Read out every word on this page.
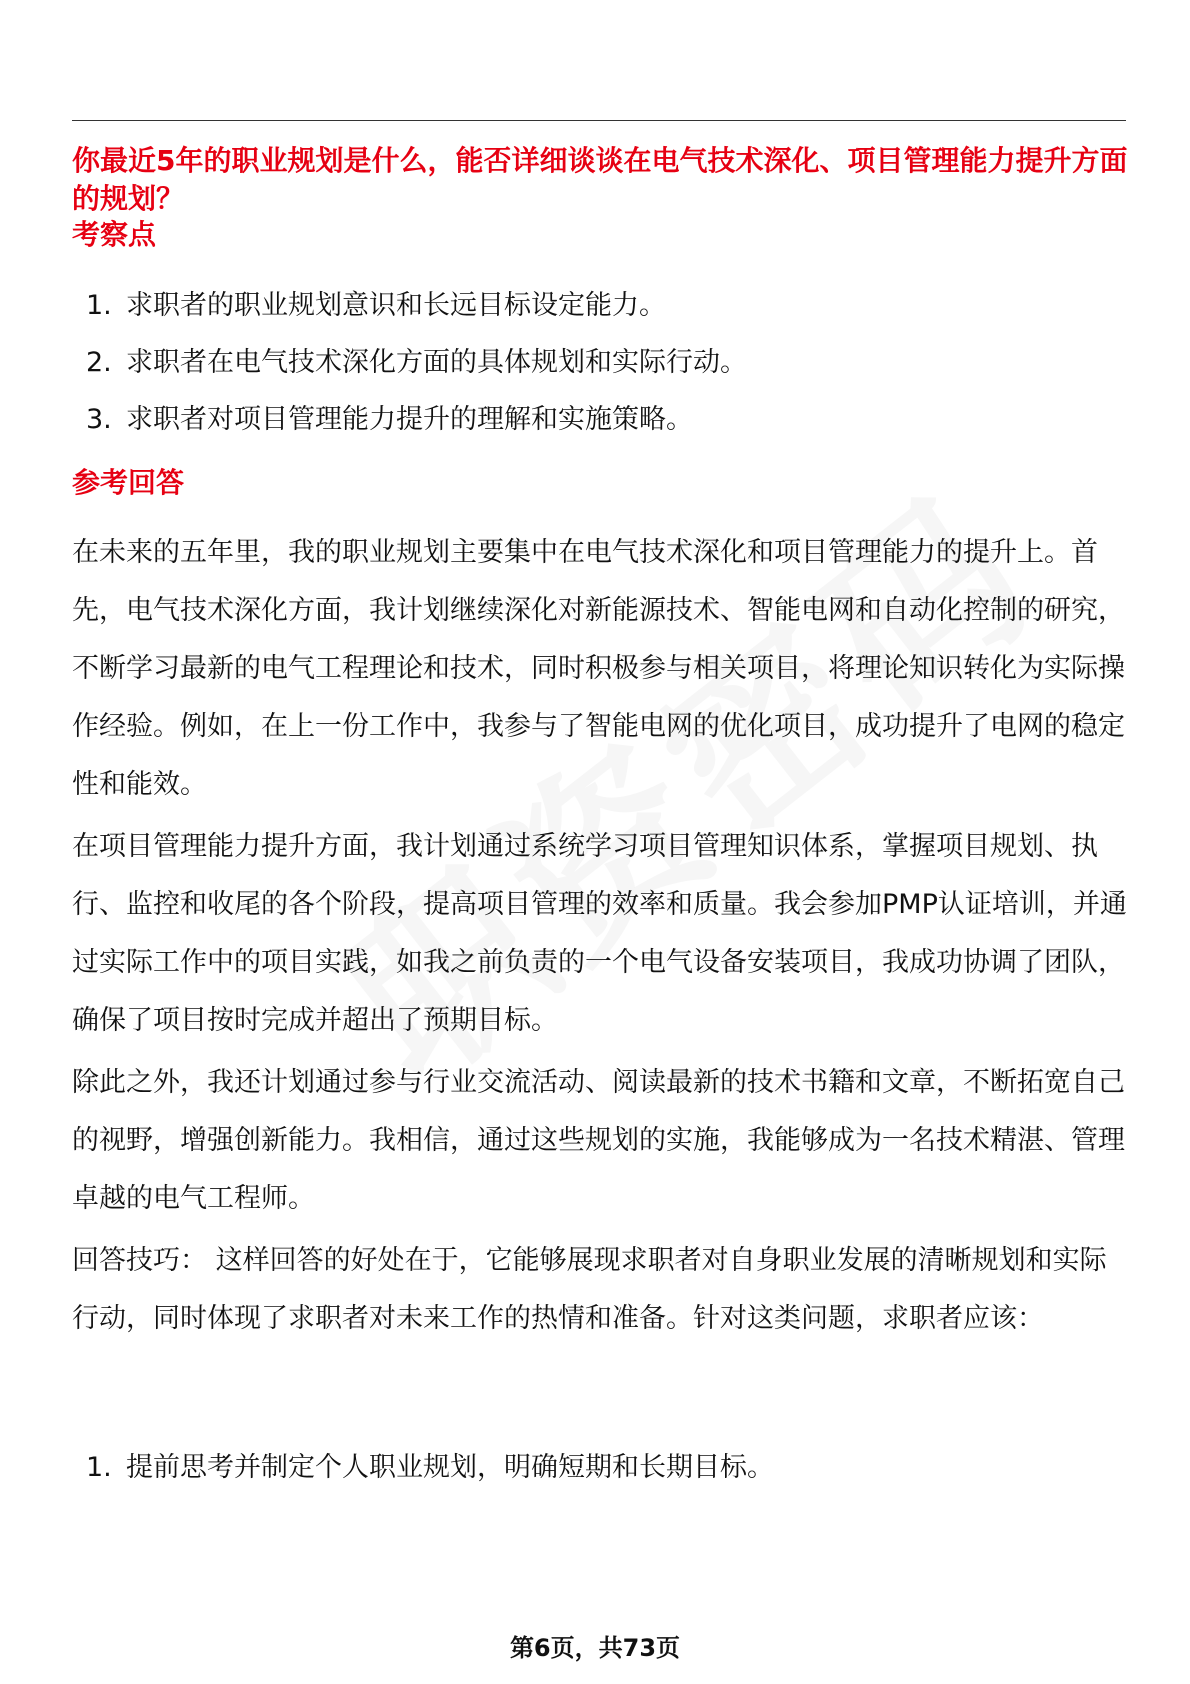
你最近5年的职业规划是什么，能否详细谈谈在电气技术深化、项目管理能力提升方面的规划？
考察点
1. 求职者的职业规划意识和长远目标设定能力。
2. 求职者在电气技术深化方面的具体规划和实际行动。
3. 求职者对项目管理能力提升的理解和实施策略。
参考回答

在未来的五年里，我的职业规划主要集中在电气技术深化和项目管理能力的提升上。首先，电气技术深化方面，我计划继续深化对新能源技术、智能电网和自动化控制的研究，不断学习最新的电气工程理论和技术，同时积极参与相关项目，将理论知识转化为实际操作经验。例如，在上一份工作中，我参与了智能电网的优化项目，成功提升了电网的稳定性和能效。

在项目管理能力提升方面，我计划通过系统学习项目管理知识体系，掌握项目规划、执行、监控和收尾的各个阶段，提高项目管理的效率和质量。我会参加PMP认证培训，并通过实际工作中的项目实践，如我之前负责的一个电气设备安装项目，我成功协调了团队，确保了项目按时完成并超出了预期目标。

除此之外，我还计划通过参与行业交流活动、阅读最新的技术书籍和文章，不断拓宽自己的视野，增强创新能力。我相信，通过这些规划的实施，我能够成为一名技术精湛、管理卓越的电气工程师。

回答技巧： 这样回答的好处在于，它能够展现求职者对自身职业发展的清晰规划和实际行动，同时体现了求职者对未来工作的热情和准备。针对这类问题，求职者应该：

1. 提前思考并制定个人职业规划，明确短期和长期目标。
第6页，共73页
